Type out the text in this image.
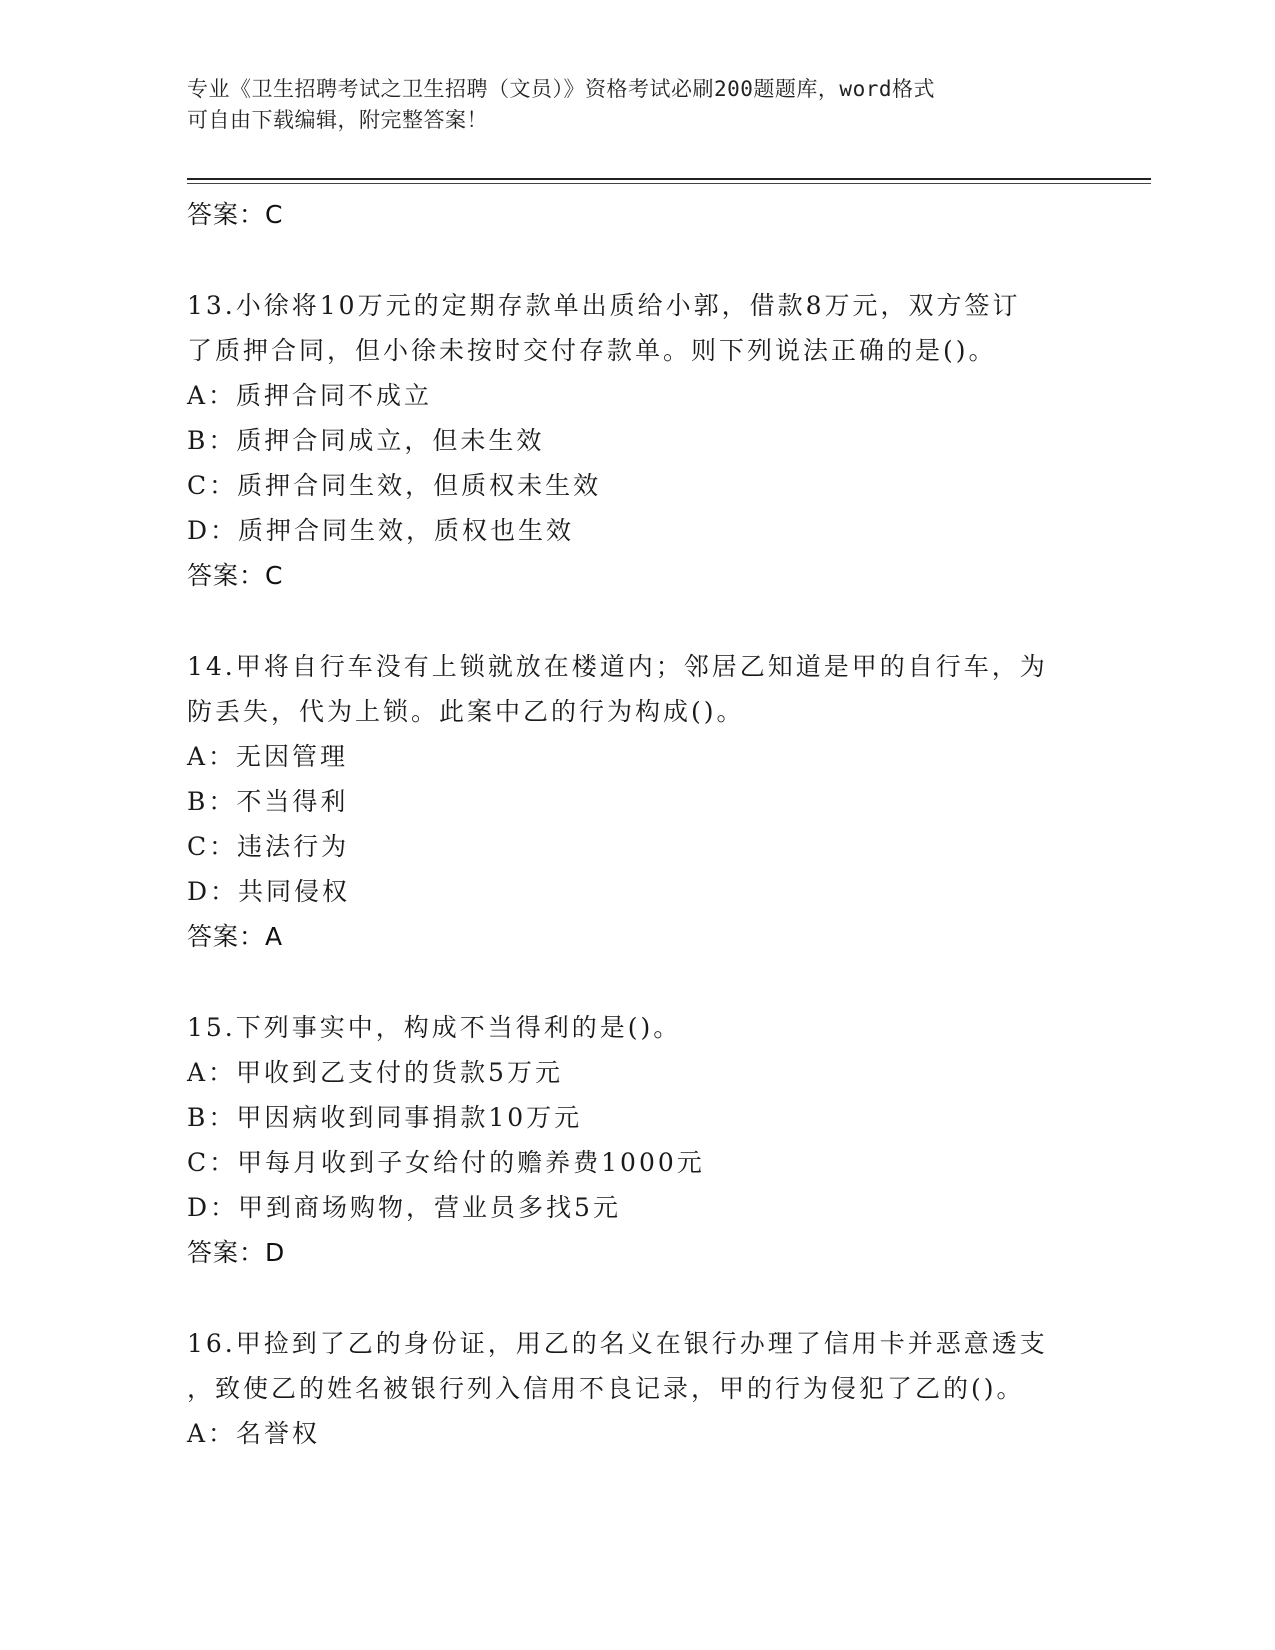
专业《卫生招聘考试之卫生招聘（文员）》资格考试必刷200题题库，word格式
可自由下载编辑，附完整答案！
答案：C
13.小徐将10万元的定期存款单出质给小郭，借款8万元，双方签订
了质押合同，但小徐未按时交付存款单。则下列说法正确的是()。
A：质押合同不成立
B：质押合同成立，但未生效
C：质押合同生效，但质权未生效
D：质押合同生效，质权也生效
答案：C
14.甲将自行车没有上锁就放在楼道内；邻居乙知道是甲的自行车，为
防丢失，代为上锁。此案中乙的行为构成()。
A：无因管理
B：不当得利
C：违法行为
D：共同侵权
答案：A
15.下列事实中，构成不当得利的是()。
A：甲收到乙支付的货款5万元
B：甲因病收到同事捐款10万元
C：甲每月收到子女给付的赡养费1000元
D：甲到商场购物，营业员多找5元
答案：D
16.甲捡到了乙的身份证，用乙的名义在银行办理了信用卡并恶意透支
，致使乙的姓名被银行列入信用不良记录，甲的行为侵犯了乙的()。
A：名誉权
